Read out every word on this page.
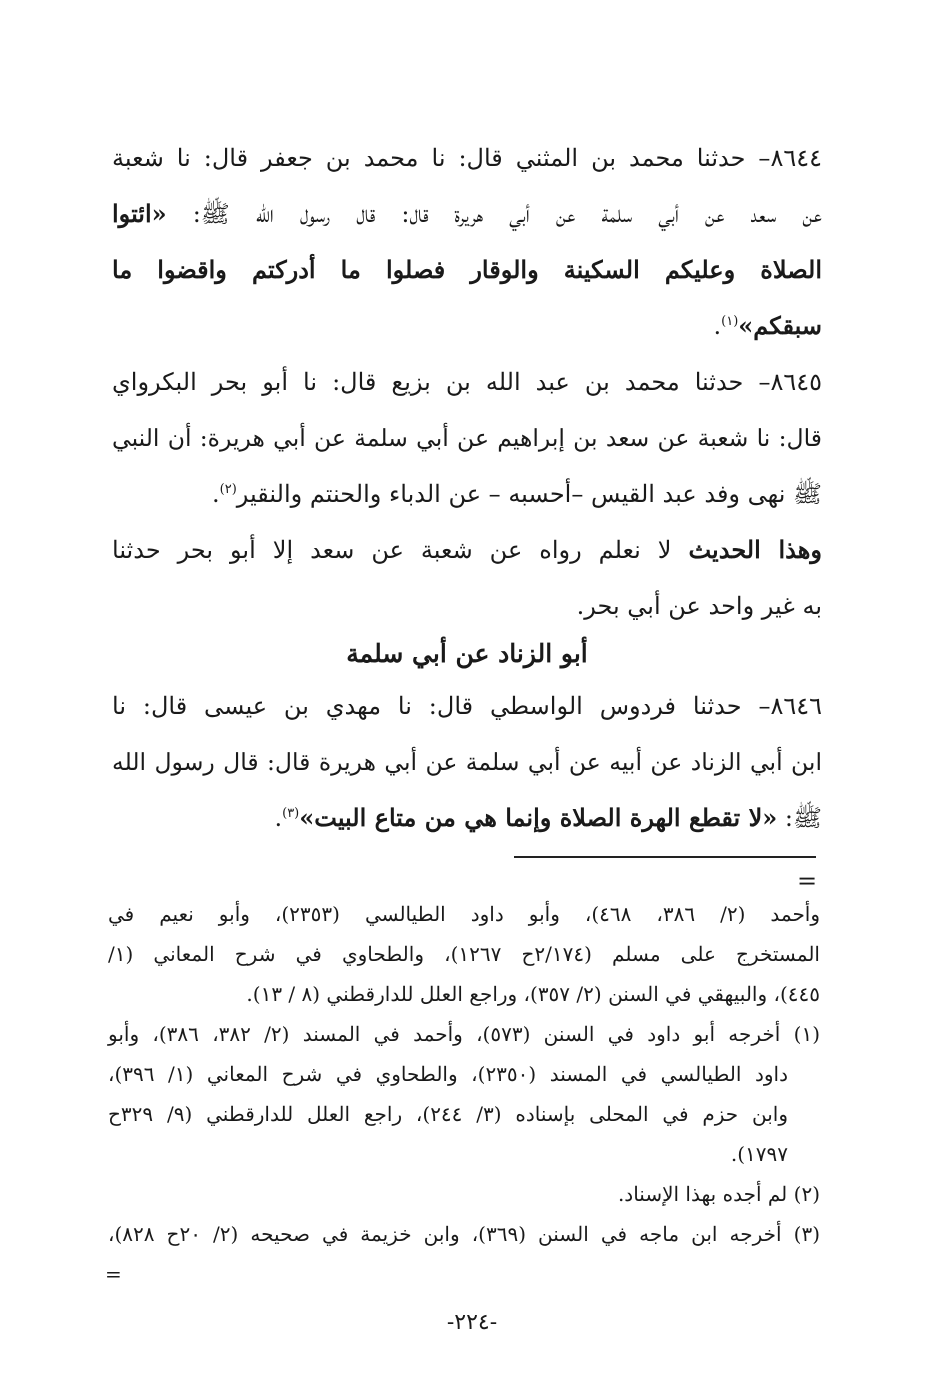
٨٦٤٤– حدثنا محمد بن المثني قال: نا محمد بن جعفر قال: نا شعبة
عن سعد عن أبي سلمة عن أبي هريرة قال: قال رسول الله ﷺ: «ائتوا
الصلاة وعليكم السكينة والوقار فصلوا ما أدركتم واقضوا ما
سبقكم»$^{(١)}$.
٨٦٤٥– حدثنا محمد بن عبد الله بن بزيع قال: نا أبو بحر البكرواي
قال: نا شعبة عن سعد بن إبراهيم عن أبي سلمة عن أبي هريرة: أن النبي
ﷺ نهى وفد عبد القيس –أحسبه – عن الدباء والحنتم والنقير$^{(٢)}$.
وهذا الحديث لا نعلم رواه عن شعبة عن سعد إلا أبو بحر حدثنا
به غير واحد عن أبي بحر.
أبو الزناد عن أبي سلمة
٨٦٤٦– حدثنا فردوس الواسطي قال: نا مهدي بن عيسى قال: نا
ابن أبي الزناد عن أبيه عن أبي سلمة عن أبي هريرة قال: قال رسول الله
ﷺ: «لا تقطع الهرة الصلاة وإنما هي من متاع البيت»$^{(٣)}$.
=
وأحمد (٢/ ٣٨٦، ٤٦٨)، وأبو داود الطيالسي (٢٣٥٣)، وأبو نعيم في
المستخرج على مسلم (٢/١٧٤ح ١٢٦٧)، والطحاوي في شرح المعاني (١/
٤٤٥)، والبيهقي في السنن (٢/ ٣٥٧)، وراجع العلل للدارقطني (٨ / ١٣).
(١) أخرجه أبو داود في السنن (٥٧٣)، وأحمد في المسند (٢/ ٣٨٢، ٣٨٦)، وأبو
داود الطيالسي في المسند (٢٣٥٠)، والطحاوي في شرح المعاني (١/ ٣٩٦)،
وابن حزم في المحلى بإسناده (٣/ ٢٤٤)، راجع العلل للدارقطني (٩/ ٣٢٩ح
١٧٩٧).
(٢) لم أجده بهذا الإسناد.
(٣) أخرجه ابن ماجه في السنن (٣٦٩)، وابن خزيمة في صحيحه (٢/ ٢٠ح ٨٢٨)،
=
-٢٢٤-
